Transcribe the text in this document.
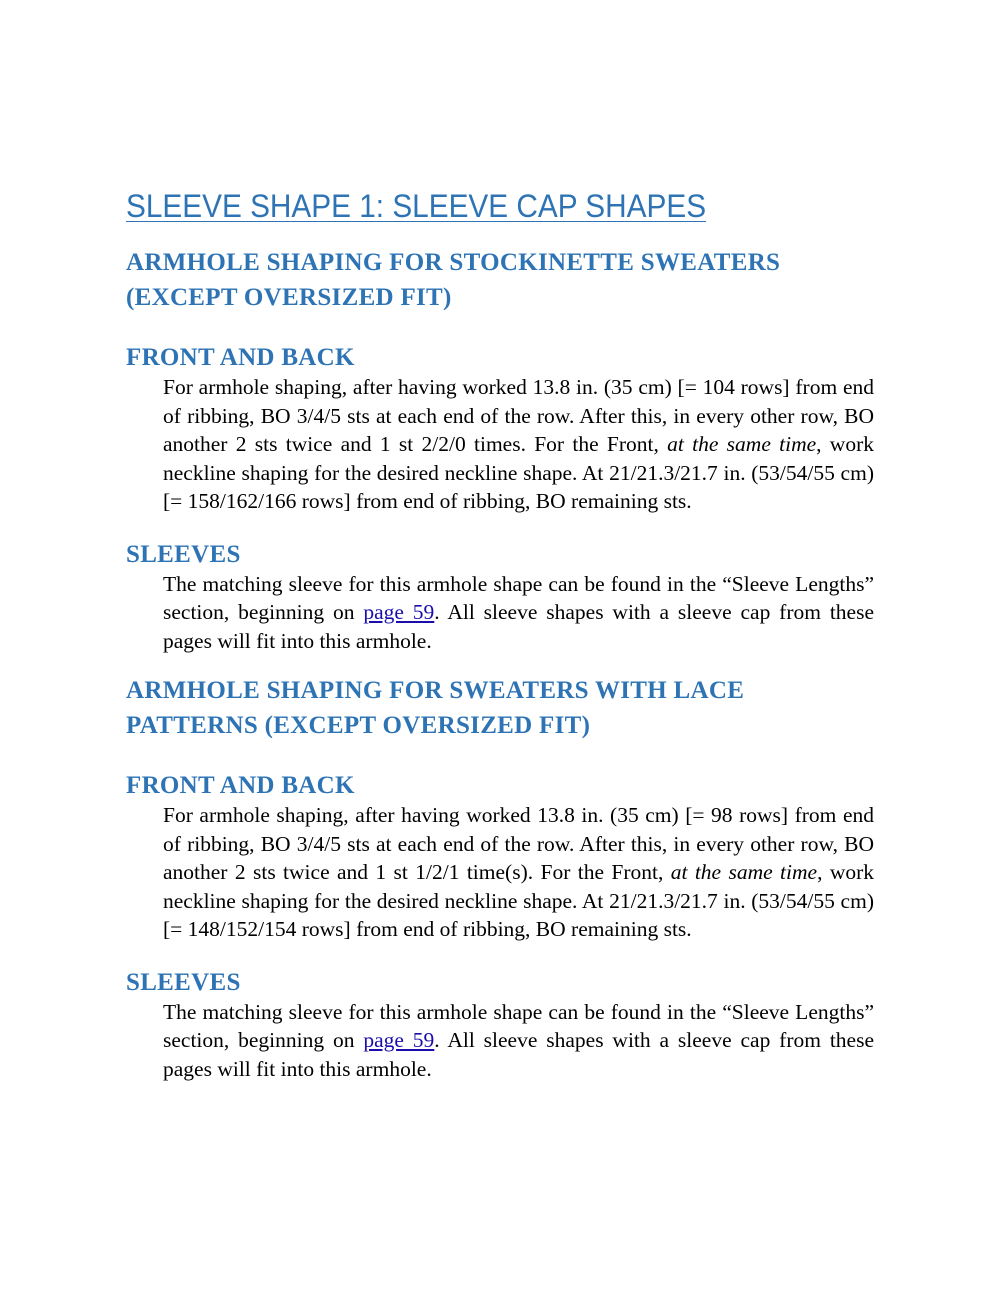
SLEEVE SHAPE 1: SLEEVE CAP SHAPES
ARMHOLE SHAPING FOR STOCKINETTE SWEATERS
(EXCEPT OVERSIZED FIT)
FRONT AND BACK

For armhole shaping, after having worked 13.8 in. (35 cm) [= 104 rows] from end of ribbing, BO 3/4/5 sts at each end of the row. After this, in every other row, BO another 2 sts twice and 1 st 2/2/0 times. For the Front, at the same time, work neckline shaping for the desired neckline shape. At 21/21.3/21.7 in. (53/54/55 cm) [= 158/162/166 rows] from end of ribbing, BO remaining sts.

SLEEVES

The matching sleeve for this armhole shape can be found in the “Sleeve Lengths” section, beginning on page 59. All sleeve shapes with a sleeve cap from these pages will fit into this armhole.

ARMHOLE SHAPING FOR SWEATERS WITH LACE
PATTERNS (EXCEPT OVERSIZED FIT)
FRONT AND BACK

For armhole shaping, after having worked 13.8 in. (35 cm) [= 98 rows] from end of ribbing, BO 3/4/5 sts at each end of the row. After this, in every other row, BO another 2 sts twice and 1 st 1/2/1 time(s). For the Front, at the same time, work neckline shaping for the desired neckline shape. At 21/21.3/21.7 in. (53/54/55 cm) [= 148/152/154 rows] from end of ribbing, BO remaining sts.

SLEEVES

The matching sleeve for this armhole shape can be found in the “Sleeve Lengths” section, beginning on page 59. All sleeve shapes with a sleeve cap from these pages will fit into this armhole.
